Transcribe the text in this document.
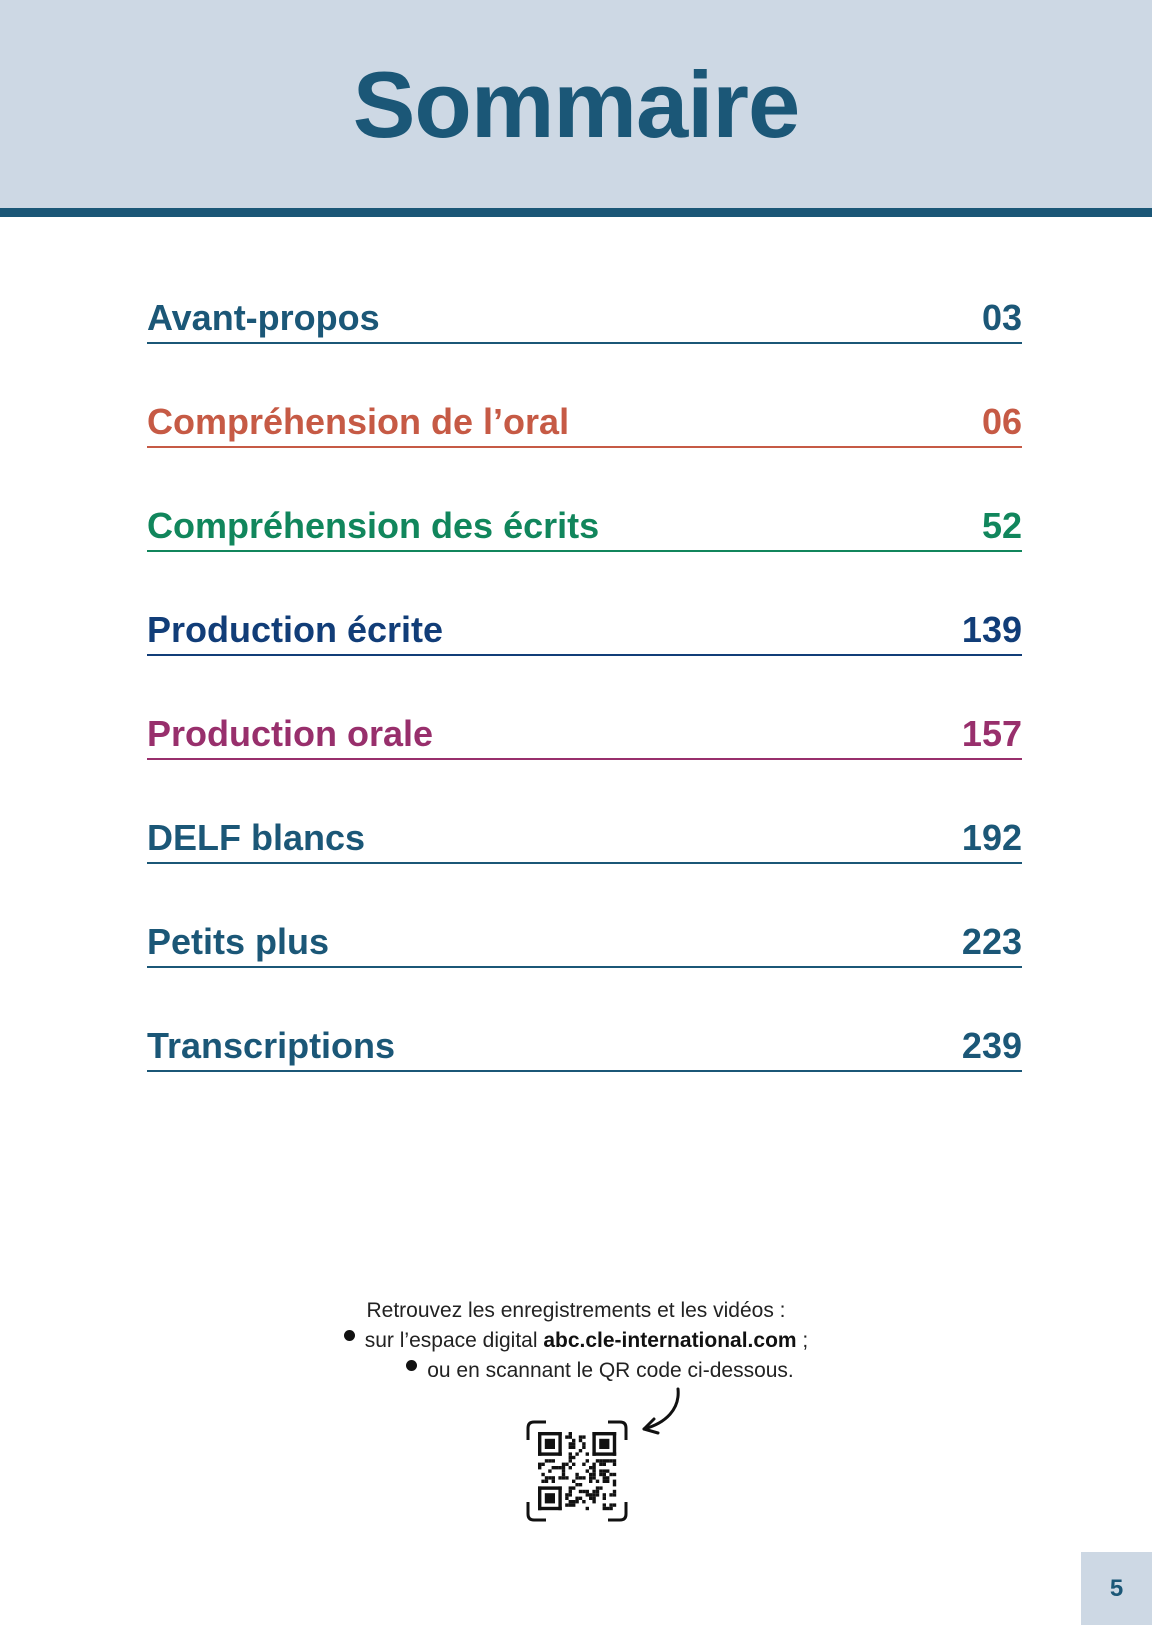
Sommaire
Avant-propos	03
Compréhension de l’oral	06
Compréhension des écrits	52
Production écrite	139
Production orale	157
DELF blancs	192
Petits plus	223
Transcriptions	239
Retrouvez les enregistrements et les vidéos :
sur l’espace digital abc.cle-international.com ;
ou en scannant le QR code ci-dessous.
5
